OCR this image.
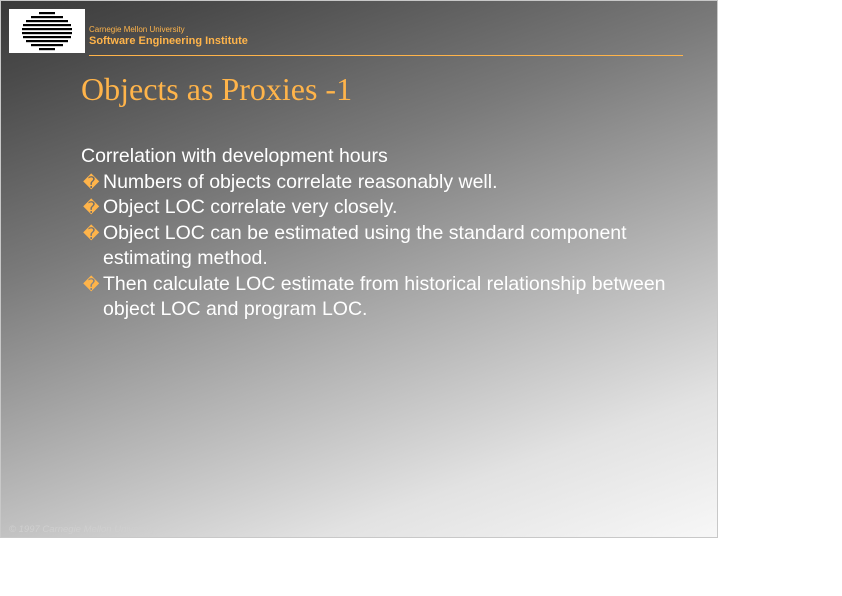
Carnegie Mellon University
Software Engineering Institute
Objects as Proxies -1
Correlation with development hours
� Numbers of objects correlate reasonably well.
� Object LOC correlate very closely.
� Object LOC can be estimated using the standard component estimating method.
� Then calculate LOC estimate from historical relationship between object LOC and program LOC.
© 1997 Carnegie Mellon University
